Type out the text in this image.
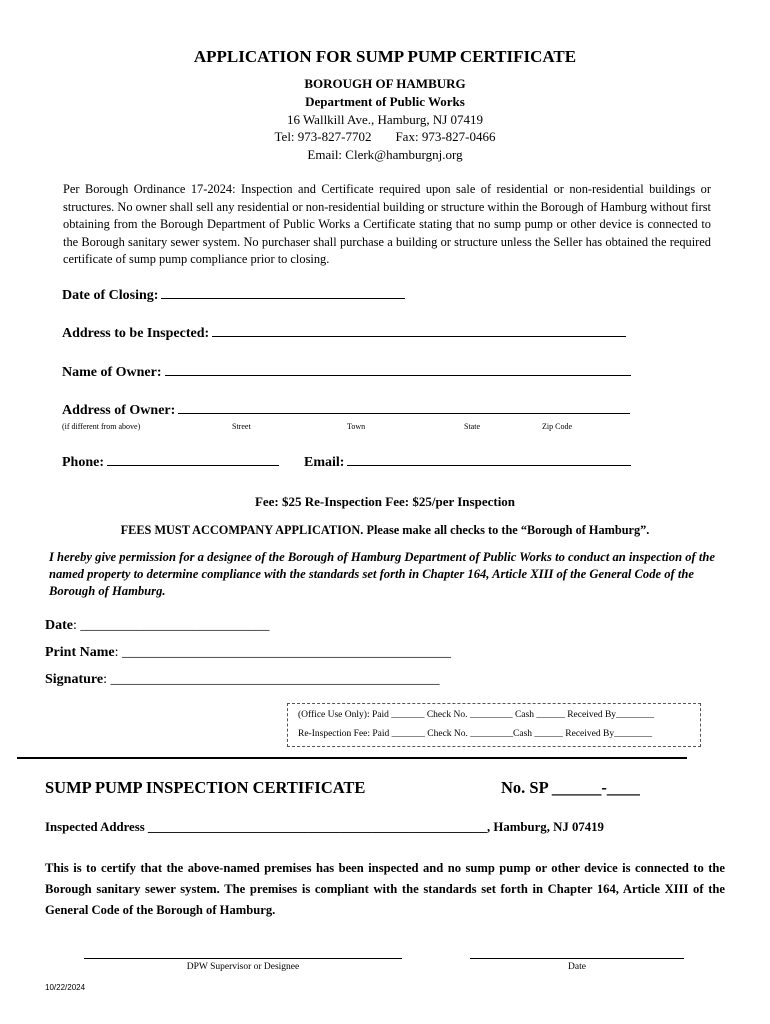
APPLICATION FOR SUMP PUMP CERTIFICATE
BOROUGH OF HAMBURG
Department of Public Works
16 Wallkill Ave., Hamburg, NJ 07419
Tel: 973-827-7702 Fax: 973-827-0466
Email: Clerk@hamburgnj.org
Per Borough Ordinance 17-2024: Inspection and Certificate required upon sale of residential or non-residential buildings or structures. No owner shall sell any residential or non-residential building or structure within the Borough of Hamburg without first obtaining from the Borough Department of Public Works a Certificate stating that no sump pump or other device is connected to the Borough sanitary sewer system. No purchaser shall purchase a building or structure unless the Seller has obtained the required certificate of sump pump compliance prior to closing.
Date of Closing:
Address to be Inspected:
Name of Owner:
Address of Owner:
(if different from above)	Street	Town	State	Zip Code
Phone:	Email:
Fee: $25 Re-Inspection Fee: $25/per Inspection
FEES MUST ACCOMPANY APPLICATION. Please make all checks to the “Borough of Hamburg”.
I hereby give permission for a designee of the Borough of Hamburg Department of Public Works to conduct an inspection of the named property to determine compliance with the standards set forth in Chapter 164, Article XIII of the General Code of the Borough of Hamburg.
Date: ___________________________
Print Name: _______________________________________________
Signature: _______________________________________________
(Office Use Only): Paid _______ Check No. _________ Cash ______ Received By________
Re-Inspection Fee: Paid _______ Check No. _________Cash ______ Received By________
SUMP PUMP INSPECTION CERTIFICATE	No. SP ______-____
Inspected Address _____________________________________________________, Hamburg, NJ 07419
This is to certify that the above-named premises has been inspected and no sump pump or other device is connected to the Borough sanitary sewer system. The premises is compliant with the standards set forth in Chapter 164, Article XIII of the General Code of the Borough of Hamburg.
DPW Supervisor or Designee	Date
10/22/2024
